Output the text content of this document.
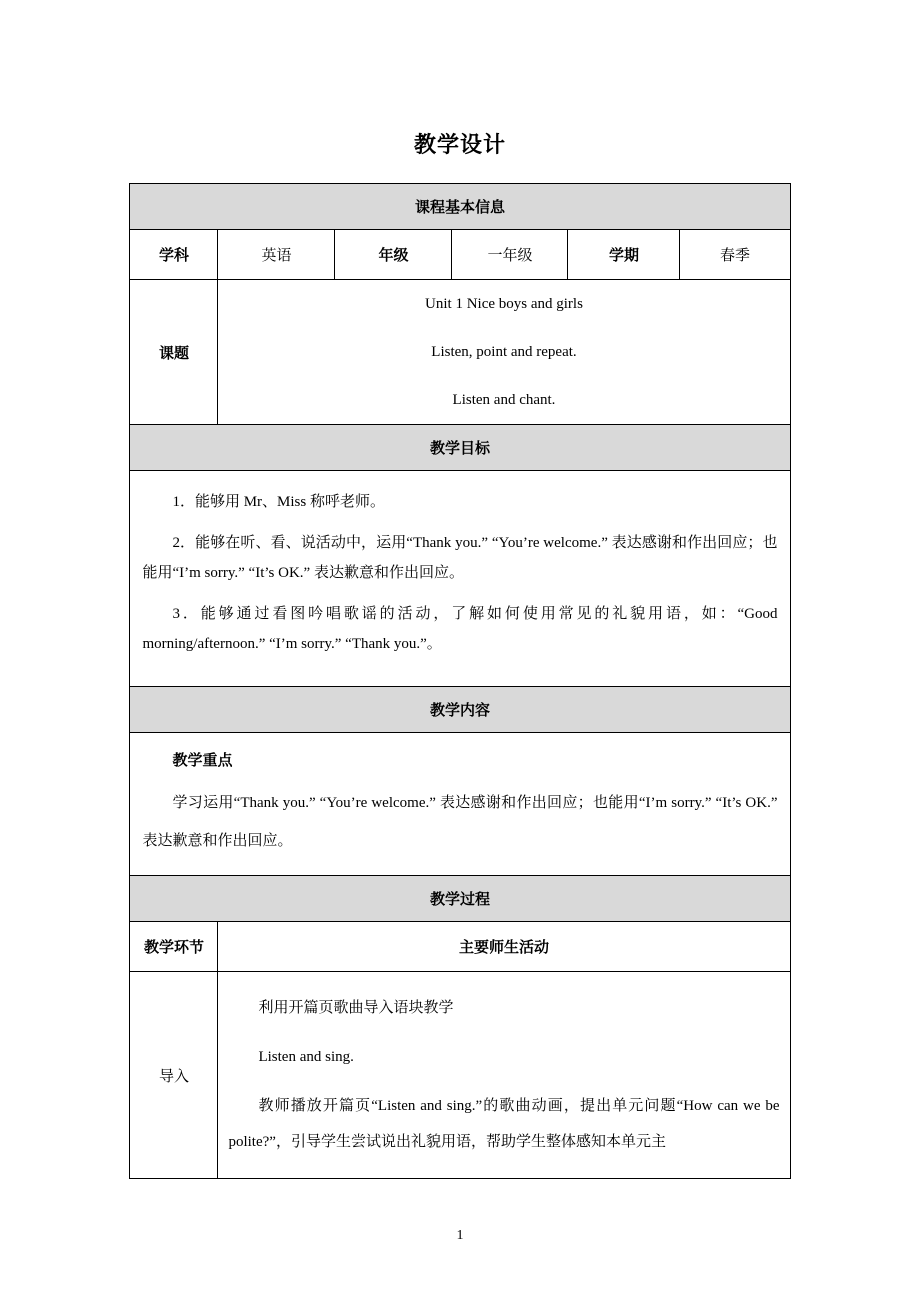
教学设计
课程基本信息					
学科	英语	年级	一年级	学期	春季
课题	Unit 1 Nice boys and girls

Listen, point and repeat.

Listen and chant.				

教学目标					

1．能够用 Mr、Miss 称呼老师。

2．能够在听、看、说活动中，运用“Thank you.” “You’re welcome.” 表达感谢和作出回应；也能用“I’m sorry.” “It’s OK.” 表达歉意和作出回应。

3．能够通过看图吟唱歌谣的活动，了解如何使用常见的礼貌用语，如：“Good morning/afternoon.” “I’m sorry.” “Thank you.”。					

教学内容					

教学重点

学习运用“Thank you.” “You’re welcome.” 表达感谢和作出回应；也能用“I’m sorry.” “It’s OK.” 表达歉意和作出回应。					

教学过程					
教学环节	主要师生活动				
导入	利用开篇页歌曲导入语块教学

Listen and sing.

教师播放开篇页“Listen and sing.”的歌曲动画，提出单元问题“How can we be polite?”，引导学生尝试说出礼貌用语，帮助学生整体感知本单元主				

1
